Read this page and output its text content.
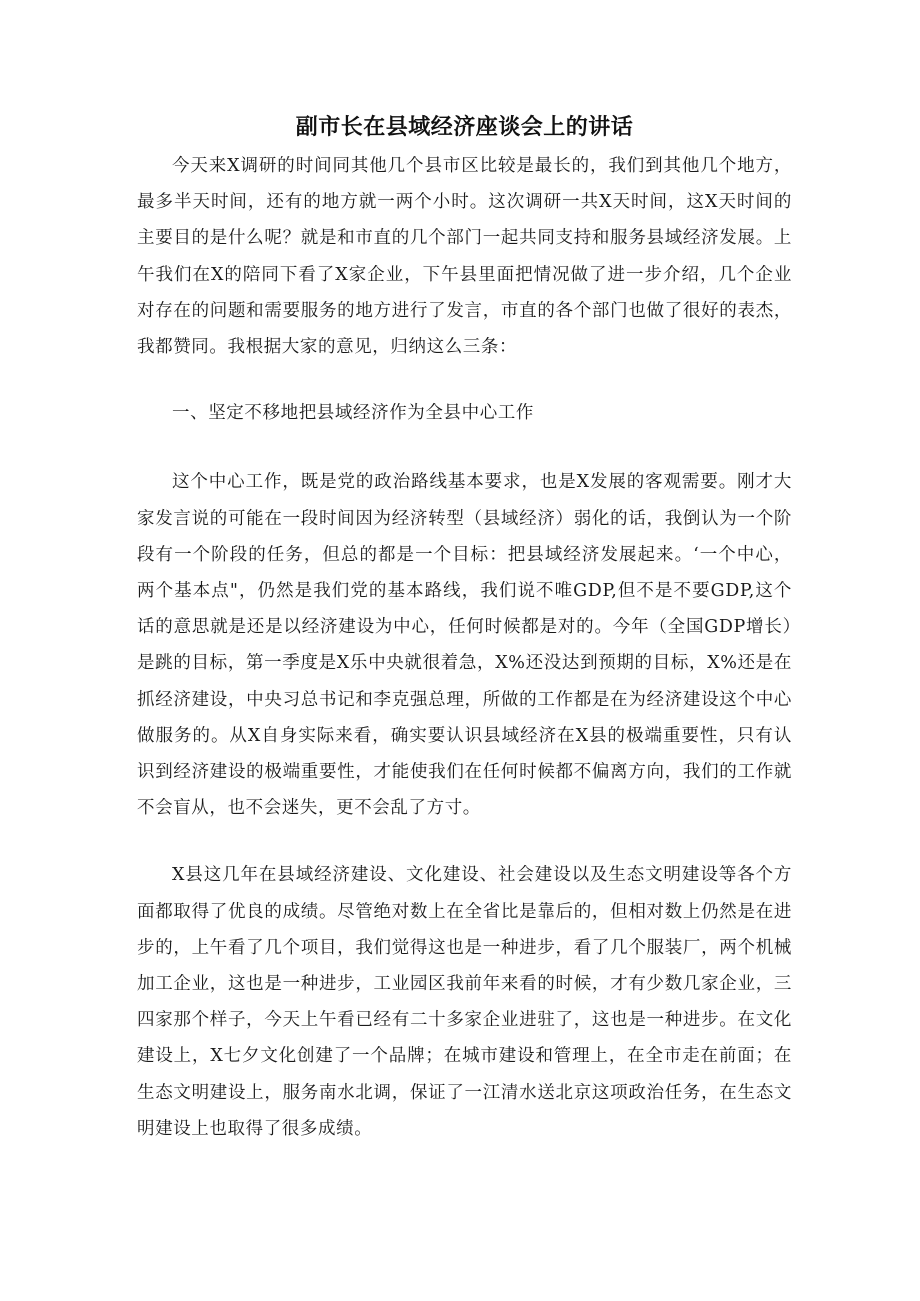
副市长在县域经济座谈会上的讲话

今天来X调研的时间同其他几个县市区比较是最长的，我们到其他几个地方，最多半天时间，还有的地方就一两个小时。这次调研一共X天时间，这X天时间的主要目的是什么呢？就是和市直的几个部门一起共同支持和服务县域经济发展。上午我们在X的陪同下看了X家企业，下午县里面把情况做了进一步介绍，几个企业对存在的问题和需要服务的地方进行了发言，市直的各个部门也做了很好的表杰，我都赞同。我根据大家的意见，归纳这么三条：

一、坚定不移地把县域经济作为全县中心工作

这个中心工作，既是党的政治路线基本要求，也是X发展的客观需要。刚才大家发言说的可能在一段时间因为经济转型（县域经济）弱化的话，我倒认为一个阶段有一个阶段的任务，但总的都是一个目标：把县域经济发展起来。‘一个中心，两个基本点"，仍然是我们党的基本路线，我们说不唯GDP,但不是不要GDP,这个话的意思就是还是以经济建设为中心，任何时候都是对的。今年（全国GDP增长）是跳的目标，第一季度是X乐中央就很着急，X%还没达到预期的目标，X%还是在抓经济建设，中央习总书记和李克强总理，所做的工作都是在为经济建设这个中心做服务的。从X自身实际来看，确实要认识县域经济在X县的极端重要性，只有认识到经济建设的极端重要性，才能使我们在任何时候都不偏离方向，我们的工作就不会盲从，也不会迷失，更不会乱了方寸。

X县这几年在县域经济建设、文化建设、社会建设以及生态文明建设等各个方面都取得了优良的成绩。尽管绝对数上在全省比是靠后的，但相对数上仍然是在进步的，上午看了几个项目，我们觉得这也是一种进步，看了几个服装厂，两个机械加工企业，这也是一种进步，工业园区我前年来看的时候，才有少数几家企业，三四家那个样子，今天上午看已经有二十多家企业进驻了，这也是一种进步。在文化建设上，X七夕文化创建了一个品牌；在城市建设和管理上，在全市走在前面；在生态文明建设上，服务南水北调，保证了一江清水送北京这项政治任务，在生态文明建设上也取得了很多成绩。
